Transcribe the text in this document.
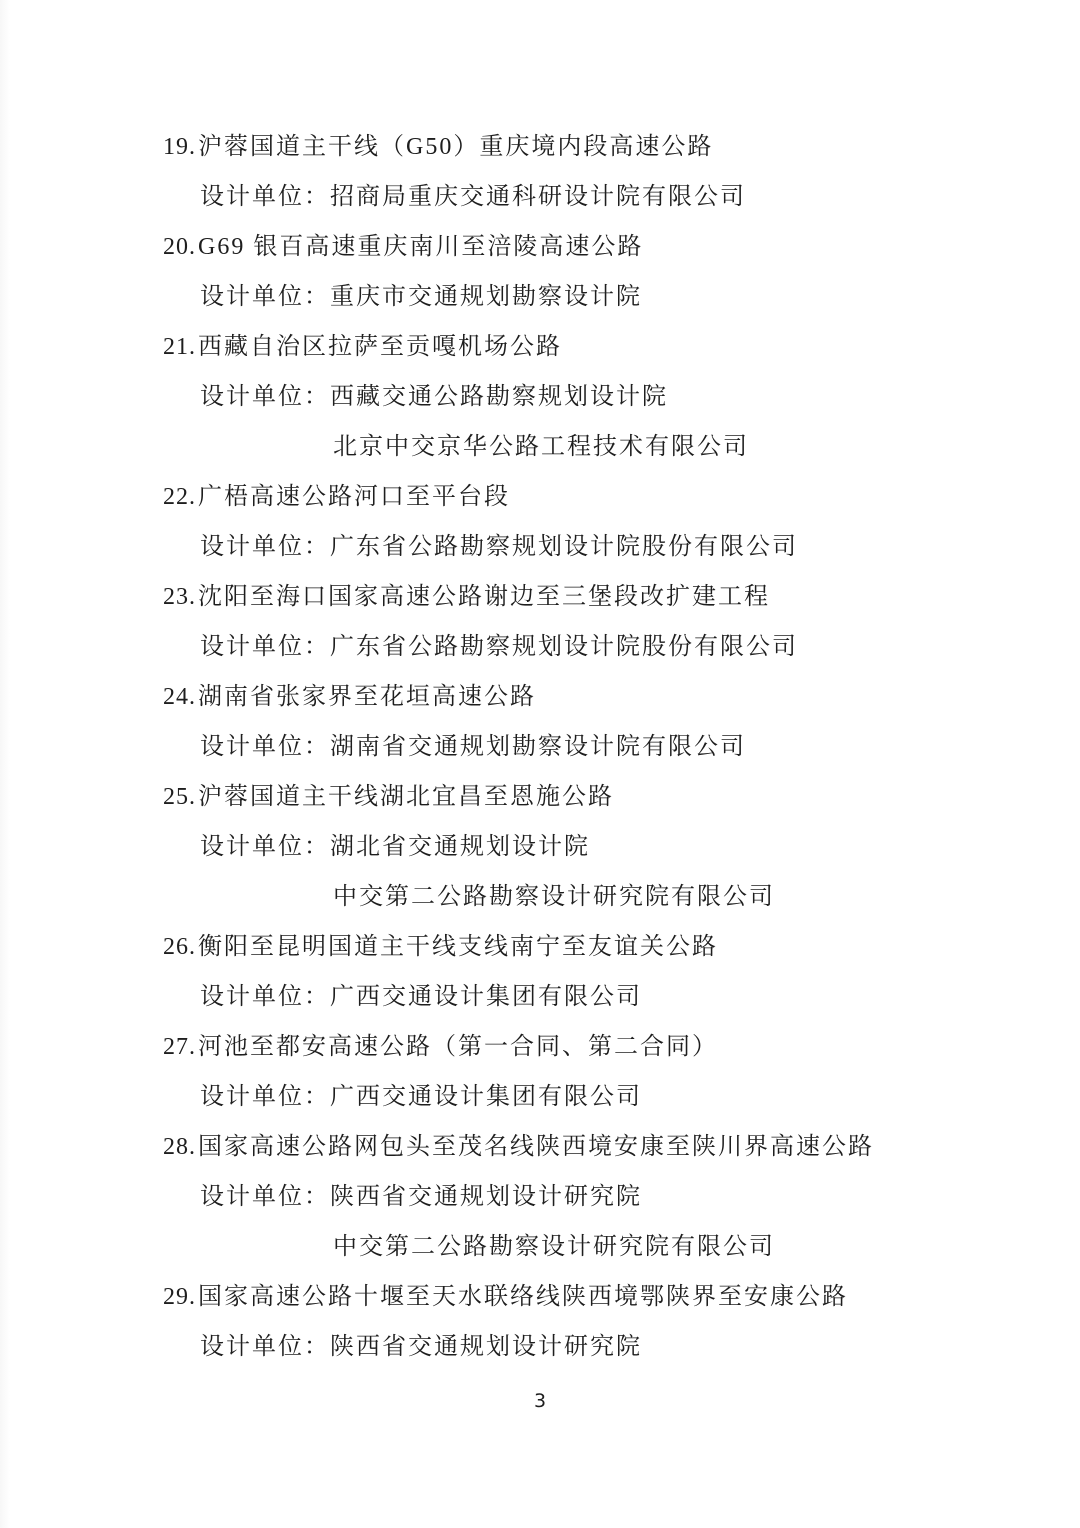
19.沪蓉国道主干线（G50）重庆境内段高速公路
设计单位：招商局重庆交通科研设计院有限公司
20.G69 银百高速重庆南川至涪陵高速公路
设计单位：重庆市交通规划勘察设计院
21.西藏自治区拉萨至贡嘎机场公路
设计单位：西藏交通公路勘察规划设计院
北京中交京华公路工程技术有限公司
22.广梧高速公路河口至平台段
设计单位：广东省公路勘察规划设计院股份有限公司
23.沈阳至海口国家高速公路谢边至三堡段改扩建工程
设计单位：广东省公路勘察规划设计院股份有限公司
24.湖南省张家界至花垣高速公路
设计单位：湖南省交通规划勘察设计院有限公司
25.沪蓉国道主干线湖北宜昌至恩施公路
设计单位：湖北省交通规划设计院
中交第二公路勘察设计研究院有限公司
26.衡阳至昆明国道主干线支线南宁至友谊关公路
设计单位：广西交通设计集团有限公司
27.河池至都安高速公路（第一合同、第二合同）
设计单位：广西交通设计集团有限公司
28.国家高速公路网包头至茂名线陕西境安康至陕川界高速公路
设计单位：陕西省交通规划设计研究院
中交第二公路勘察设计研究院有限公司
29.国家高速公路十堰至天水联络线陕西境鄂陕界至安康公路
设计单位：陕西省交通规划设计研究院
3
